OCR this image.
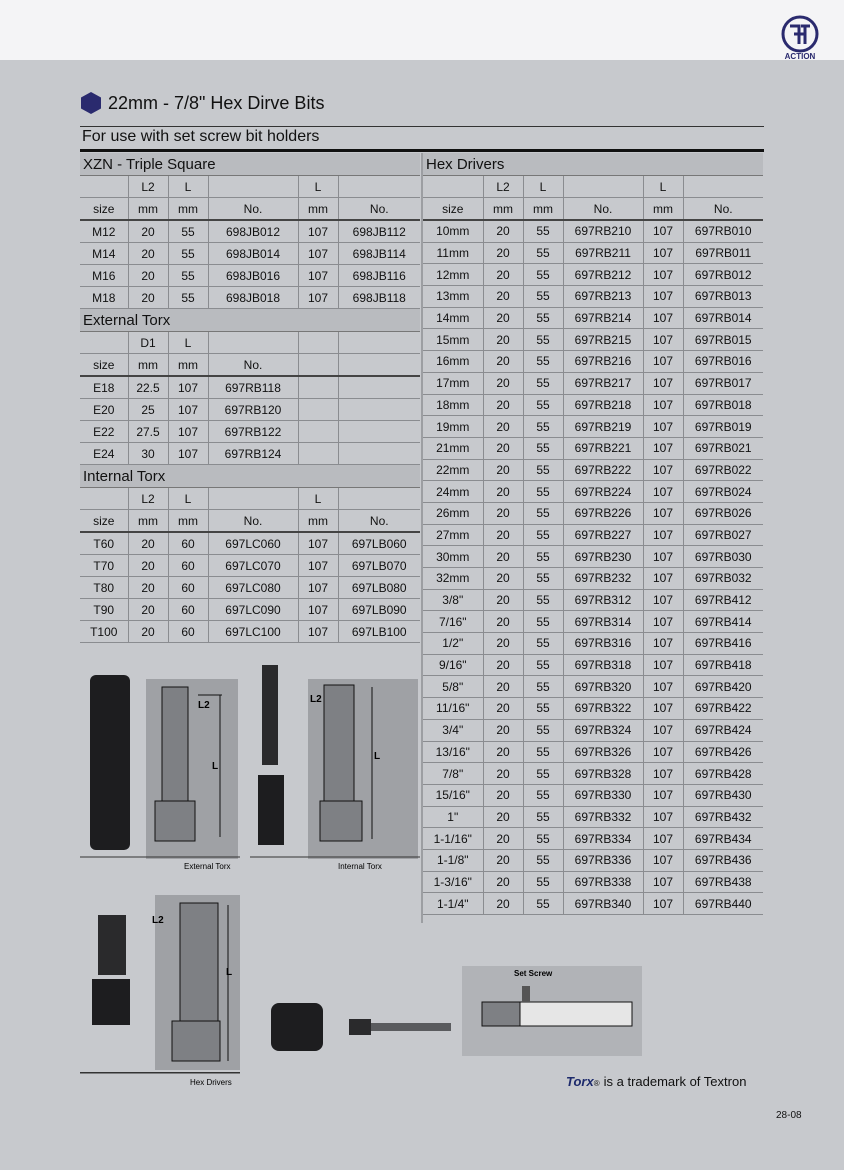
ACTION
22mm - 7/8" Hex Dirve Bits
For use with set screw bit holders
XZN - Triple Square					
	L2	L		L	
size	mm	mm	No.	mm	No.
M12	20	55	698JB012	107	698JB112
M14	20	55	698JB014	107	698JB114
M16	20	55	698JB016	107	698JB116
M18	20	55	698JB018	107	698JB118
External Torx					
	D1	L			
size	mm	mm	No.		
E18	22.5	107	697RB118		
E20	25	107	697RB120		
E22	27.5	107	697RB122		
E24	30	107	697RB124		
Internal Torx					
	L2	L		L	
size	mm	mm	No.	mm	No.
T60	20	60	697LC060	107	697LB060
T70	20	60	697LC070	107	697LB070
T80	20	60	697LC080	107	697LB080
T90	20	60	697LC090	107	697LB090
T100	20	60	697LC100	107	697LB100
Hex Drivers					
	L2	L		L	
size	mm	mm	No.	mm	No.
10mm	20	55	697RB210	107	697RB010
11mm	20	55	697RB211	107	697RB011
12mm	20	55	697RB212	107	697RB012
13mm	20	55	697RB213	107	697RB013
14mm	20	55	697RB214	107	697RB014
15mm	20	55	697RB215	107	697RB015
16mm	20	55	697RB216	107	697RB016
17mm	20	55	697RB217	107	697RB017
18mm	20	55	697RB218	107	697RB018
19mm	20	55	697RB219	107	697RB019
21mm	20	55	697RB221	107	697RB021
22mm	20	55	697RB222	107	697RB022
24mm	20	55	697RB224	107	697RB024
26mm	20	55	697RB226	107	697RB026
27mm	20	55	697RB227	107	697RB027
30mm	20	55	697RB230	107	697RB030
32mm	20	55	697RB232	107	697RB032
3/8"	20	55	697RB312	107	697RB412
7/16"	20	55	697RB314	107	697RB414
1/2"	20	55	697RB316	107	697RB416
9/16"	20	55	697RB318	107	697RB418
5/8"	20	55	697RB320	107	697RB420
11/16"	20	55	697RB322	107	697RB422
3/4"	20	55	697RB324	107	697RB424
13/16"	20	55	697RB326	107	697RB426
7/8"	20	55	697RB328	107	697RB428
15/16"	20	55	697RB330	107	697RB430
1"	20	55	697RB332	107	697RB432
1-1/16"	20	55	697RB334	107	697RB434
1-1/8"	20	55	697RB336	107	697RB436
1-3/16"	20	55	697RB338	107	697RB438
1-1/4"	20	55	697RB340	107	697RB440
L2
L
External Torx
L2
L
Internal Torx
L2
L
Hex Drivers
Set Screw
Torx ® is a trademark of Textron
28-08
